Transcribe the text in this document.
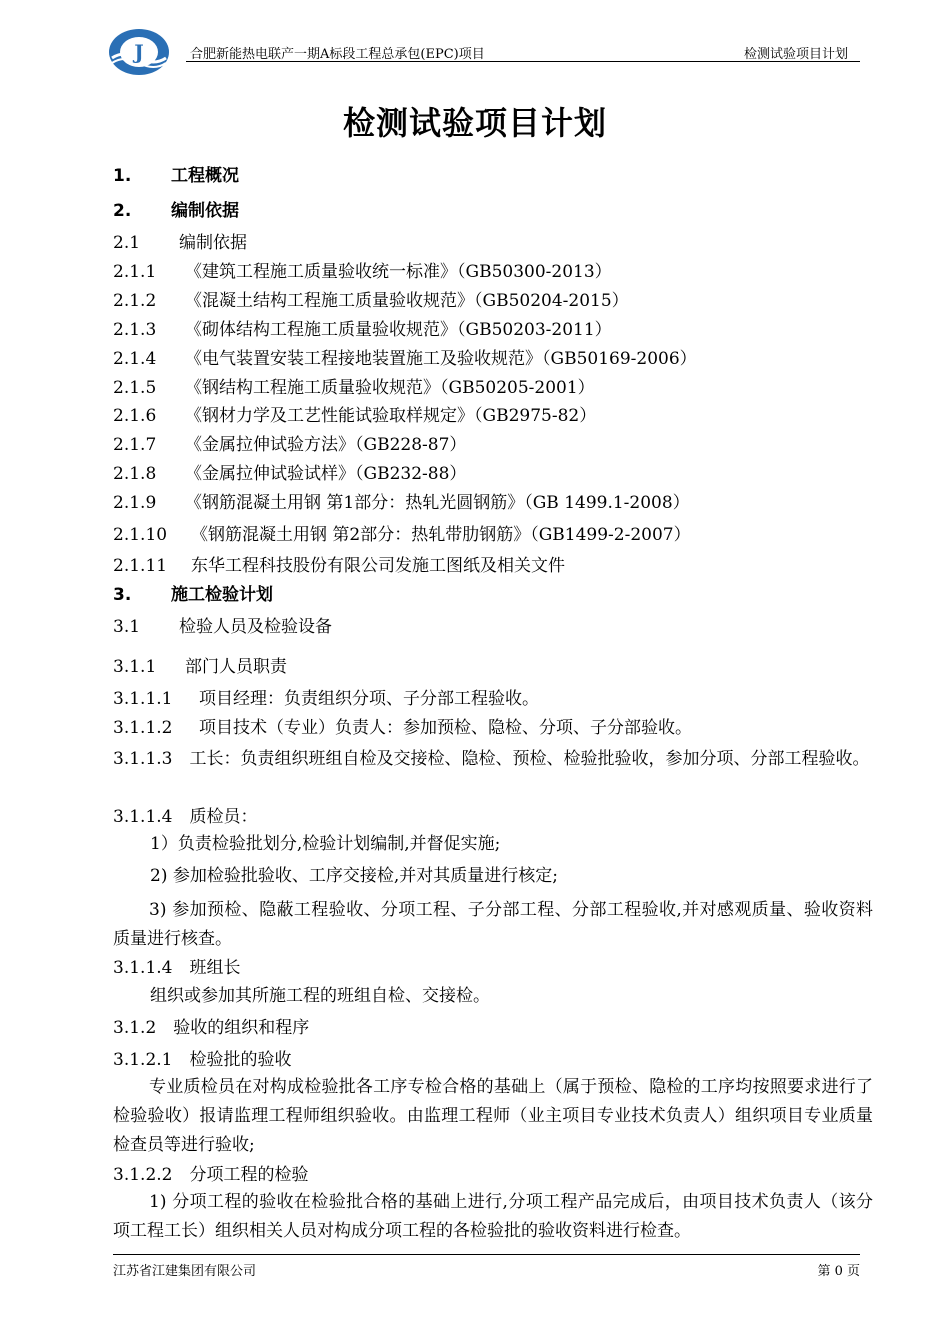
J	合肥新能热电联产一期A标段工程总承包(EPC)项目	检测试验项目计划
检测试验项目计划
1. 工程概况
2. 编制依据
2.1 编制依据
2.1.1 《建筑工程施工质量验收统一标准》（GB50300-2013）
2.1.2 《混凝土结构工程施工质量验收规范》（GB50204-2015）
2.1.3 《砌体结构工程施工质量验收规范》（GB50203-2011）
2.1.4 《电气装置安装工程接地装置施工及验收规范》（GB50169-2006）
2.1.5 《钢结构工程施工质量验收规范》（GB50205-2001）
2.1.6 《钢材力学及工艺性能试验取样规定》（GB2975-82）
2.1.7 《金属拉伸试验方法》（GB228-87）
2.1.8 《金属拉伸试验试样》（GB232-88）
2.1.9 《钢筋混凝土用钢 第1部分：热轧光圆钢筋》（GB 1499.1-2008）
2.1.10 《钢筋混凝土用钢 第2部分：热轧带肋钢筋》（GB1499-2-2007）
2.1.11 东华工程科技股份有限公司发施工图纸及相关文件
3. 施工检验计划
3.1 检验人员及检验设备
3.1.1 部门人员职责
3.1.1.1 项目经理：负责组织分项、子分部工程验收。
3.1.1.2 项目技术（专业）负责人：参加预检、隐检、分项、子分部验收。
3.1.1.3　工长：负责组织班组自检及交接检、隐检、预检、检验批验收，参加分项、分部工程验收。
3.1.1.4　质检员：
1）负责检验批划分,检验计划编制,并督促实施;
2) 参加检验批验收、工序交接检,并对其质量进行核定;
3) 参加预检、隐蔽工程验收、分项工程、子分部工程、分部工程验收,并对感观质量、验收资料质量进行核查。
3.1.1.4　班组长
组织或参加其所施工程的班组自检、交接检。
3.1.2　验收的组织和程序
3.1.2.1　检验批的验收
专业质检员在对构成检验批各工序专检合格的基础上（属于预检、隐检的工序均按照要求进行了检验验收）报请监理工程师组织验收。由监理工程师（业主项目专业技术负责人）组织项目专业质量检查员等进行验收;
3.1.2.2　分项工程的检验
1) 分项工程的验收在检验批合格的基础上进行,分项工程产品完成后，由项目技术负责人（该分项工程工长）组织相关人员对构成分项工程的各检验批的验收资料进行检查。
江苏省江建集团有限公司	第 0 页
